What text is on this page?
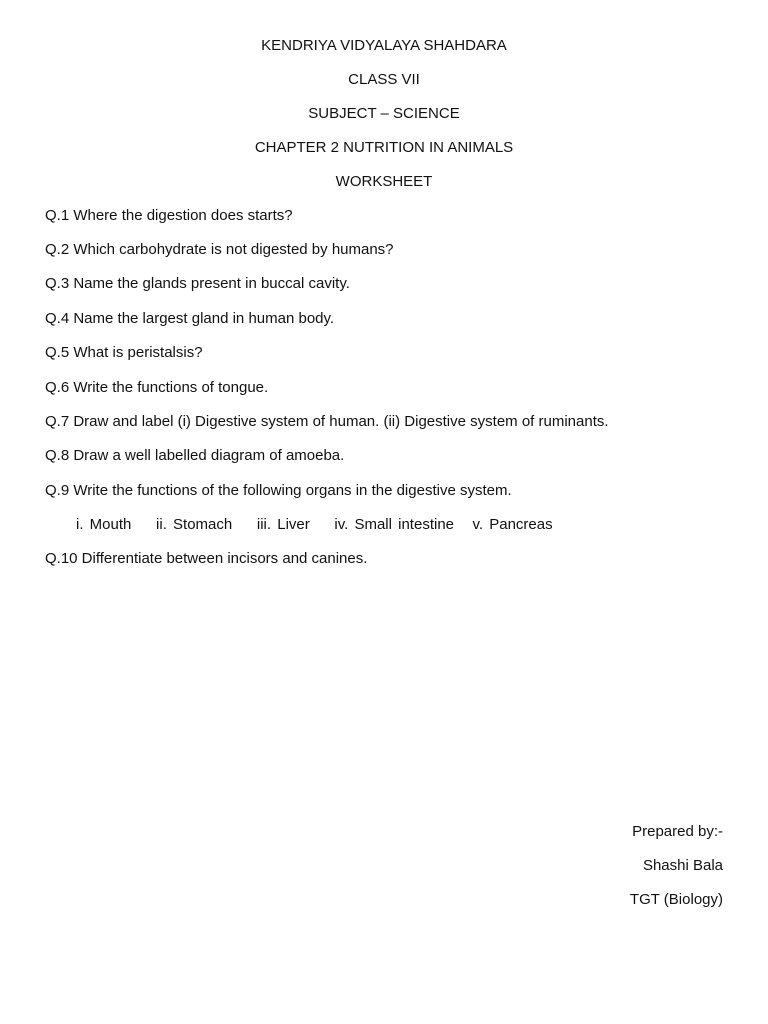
KENDRIYA VIDYALAYA SHAHDARA
CLASS VII
SUBJECT – SCIENCE
CHAPTER 2 NUTRITION IN ANIMALS
WORKSHEET
Q.1 Where the digestion does starts?
Q.2 Which carbohydrate is not digested by humans?
Q.3 Name the glands present in buccal cavity.
Q.4 Name the largest gland in human body.
Q.5 What is peristalsis?
Q.6 Write the functions of tongue.
Q.7 Draw and label (i) Digestive system of human. (ii) Digestive system of ruminants.
Q.8 Draw a well labelled diagram of amoeba.
Q.9 Write the functions of the following organs in the digestive system.
i. Mouth    ii. Stomach    iii. Liver    iv. Small intestine   v. Pancreas
Q.10 Differentiate between incisors and canines.
Prepared by:-
Shashi Bala
TGT (Biology)
